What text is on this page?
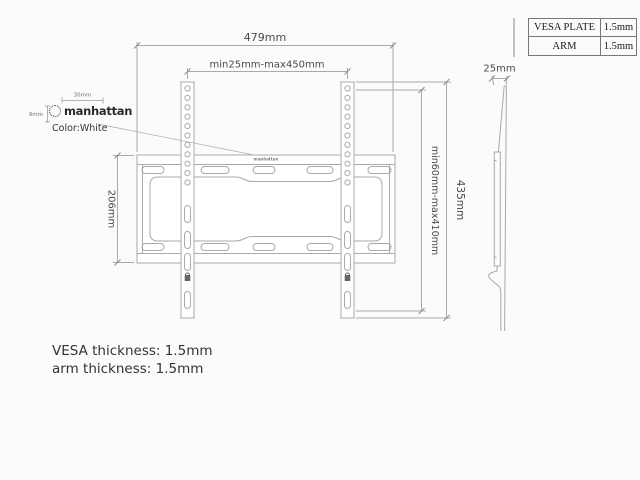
manhattan
479mm
min25mm-max450mm
206mm	min60mm-max410mm 435mm
25mm
30mm
9mm
VESA PLATE 1.5mm
ARM	1.5mm
manhattan
Color:White
VESA thickness: 1.5mm
arm thickness: 1.5mm
